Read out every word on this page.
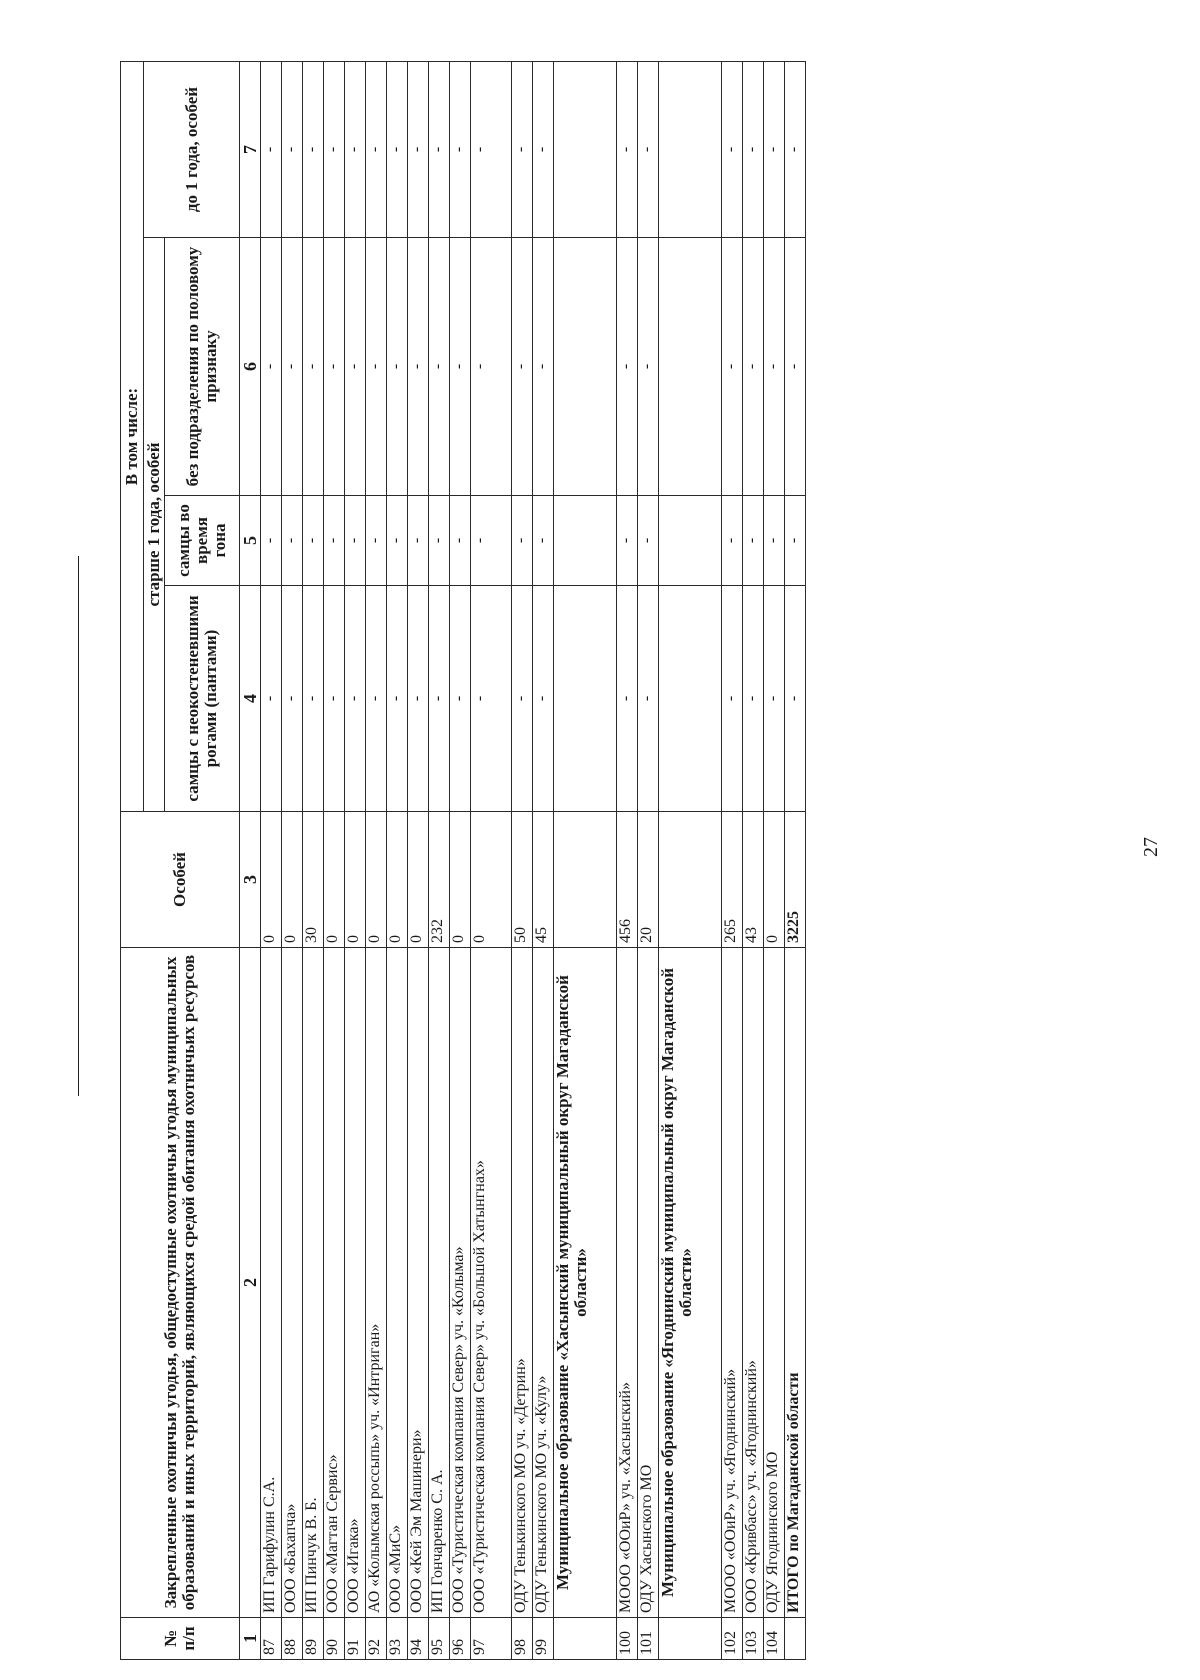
27
№ п/п	Закрепленные охотничьи угодья, общедоступные охотничьи угодья муниципальных образований и иных территорий, являющихся средой обитания охотничьих ресурсов	Особей	В том числе:			
			старше 1 года, особей			до 1 года, особей
			самцы с неокостеневшими рогами (пантами)	самцы во время гона	без подразделения по половому признаку	
1	2	3	4	5	6	7
87	ИП Гарифулин С.А.	0	-	-	-	-
88	ООО «Бахапча»	0	-	-	-	-
89	ИП Пинчук В. Б.	30	-	-	-	-
90	ООО «Магтан Сервис»	0	-	-	-	-
91	ООО «Игака»	0	-	-	-	-
92	АО «Колымская россыпь» уч. «Интриган»	0	-	-	-	-
93	ООО «МиС»	0	-	-	-	-
94	ООО «Кей Эм Машинери»	0	-	-	-	-
95	ИП Гончаренко С. А.	232	-	-	-	-
96	ООО «Туристическая компания Север» уч. «Колыма»	0	-	-	-	-
97	ООО «Туристическая компания Север» уч. «Большой Хатынгнах»	0	-	-	-	-
98	ОДУ Тенькинского МО уч. «Детрин»	50	-	-	-	-
99	ОДУ Тенькинского МО уч. «Кулу»	45	-	-	-	-
	Муниципальное образование «Хасынский муниципальный округ Магаданской области»					
100	МООО «ООиР» уч. «Хасынский»	456	-	-	-	-
101	ОДУ Хасынского МО	20	-	-	-	-
	Муниципальное образование «Ягоднинский муниципальный округ Магаданской области»					
102	МООО «ООиР» уч. «Ягоднинский»	265	-	-	-	-
103	ООО «Кривбасс» уч. «Ягоднинский»	43	-	-	-	-
104	ОДУ Ягоднинского МО	0	-	-	-	-
	ИТОГО по Магаданской области	3225	-	-	-	-
